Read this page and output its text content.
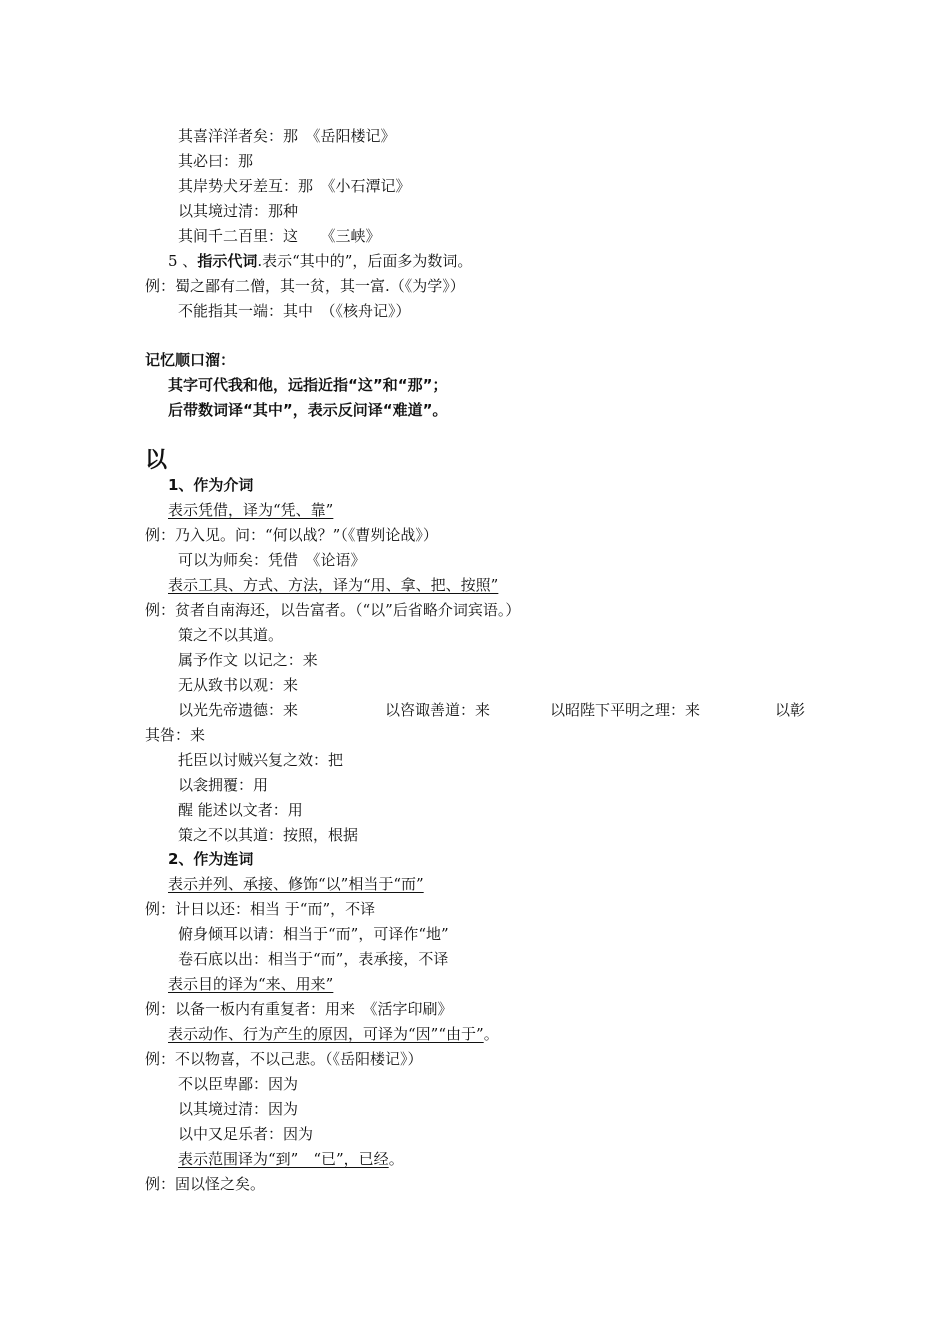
其喜洋洋者矣：那　《岳阳楼记》
其必曰：那
其岸势犬牙差互：那　《小石潭记》
以其境过清：那种
其间千二百里：这　　《三峡》
5 、指示代词.表示“其中的”，后面多为数词。
例：蜀之鄙有二僧，其一贫，其一富.（《为学》）
不能指其一端：其中　（《核舟记》）
记忆顺口溜：
其字可代我和他，远指近指“这”和“那”；
后带数词译“其中”，表示反问译“难道”。
以
1、作为介词
表示凭借，译为“凭、靠”
例：乃入见。问：“何以战？”（《曹刿论战》）
可以为师矣：凭借　《论语》
表示工具、方式、方法，译为“用、拿、把、按照”
例：贫者自南海还，以告富者。（“以”后省略介词宾语。）
策之不以其道。
属予作文 以记之：来
无从致书以观：来
以光先帝遗德：来	以咨诹善道：来	以昭陛下平明之理：来	以彰
其咎：来
托臣以讨贼兴复之效：把
以衾拥覆：用
醒 能述以文者：用
策之不以其道：按照，根据
2、作为连词
表示并列、承接、修饰“以”相当于“而”
例：计日以还：相当 于“而”，不译
俯身倾耳以请：相当于“而”，可译作“地”
卷石底以出：相当于“而”，表承接，不译
表示目的译为“来、用来”
例：以备一板内有重复者：用来　《活字印刷》
表示动作、行为产生的原因，可译为“因”“由于”。
例：不以物喜，不以己悲。（《岳阳楼记》）
不以臣卑鄙：因为
以其境过清：因为
以中又足乐者：因为
表示范围译为“到”　“已”，已经。
例：固以怪之矣。
